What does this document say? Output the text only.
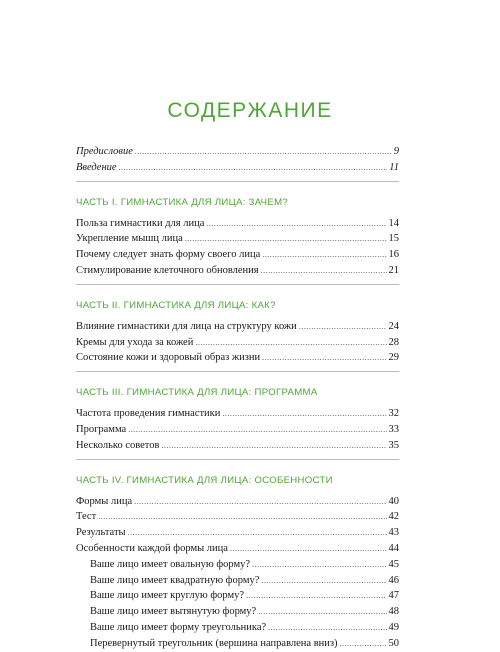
СОДЕРЖАНИЕ
Предисловие .....	9
Введение .....	11
ЧАСТЬ I. ГИМНАСТИКА ДЛЯ ЛИЦА: ЗАЧЕМ?
Польза гимнастики для лица .....	14
Укрепление мышц лица .....	15
Почему следует знать форму своего лица .....	16
Стимулирование клеточного обновления .....	21
ЧАСТЬ II. ГИМНАСТИКА ДЛЯ ЛИЦА: КАК?
Влияние гимнастики для лица на структуру кожи .....	24
Кремы для ухода за кожей .....	28
Состояние кожи и здоровый образ жизни .....	29
ЧАСТЬ III. ГИМНАСТИКА ДЛЯ ЛИЦА: ПРОГРАММА
Частота проведения гимнастики .....	32
Программа .....	33
Несколько советов .....	35
ЧАСТЬ IV. ГИМНАСТИКА ДЛЯ ЛИЦА: ОСОБЕННОСТИ
Формы лица .....	40
Тест .....	42
Результаты .....	43
Особенности каждой формы лица .....	44
Ваше лицо имеет овальную форму? .....	45
Ваше лицо имеет квадратную форму? .....	46
Ваше лицо имеет круглую форму? .....	47
Ваше лицо имеет вытянутую форму? .....	48
Ваше лицо имеет форму треугольника? .....	49
Перевернутый треугольник (вершина направлена вниз) .....	50
